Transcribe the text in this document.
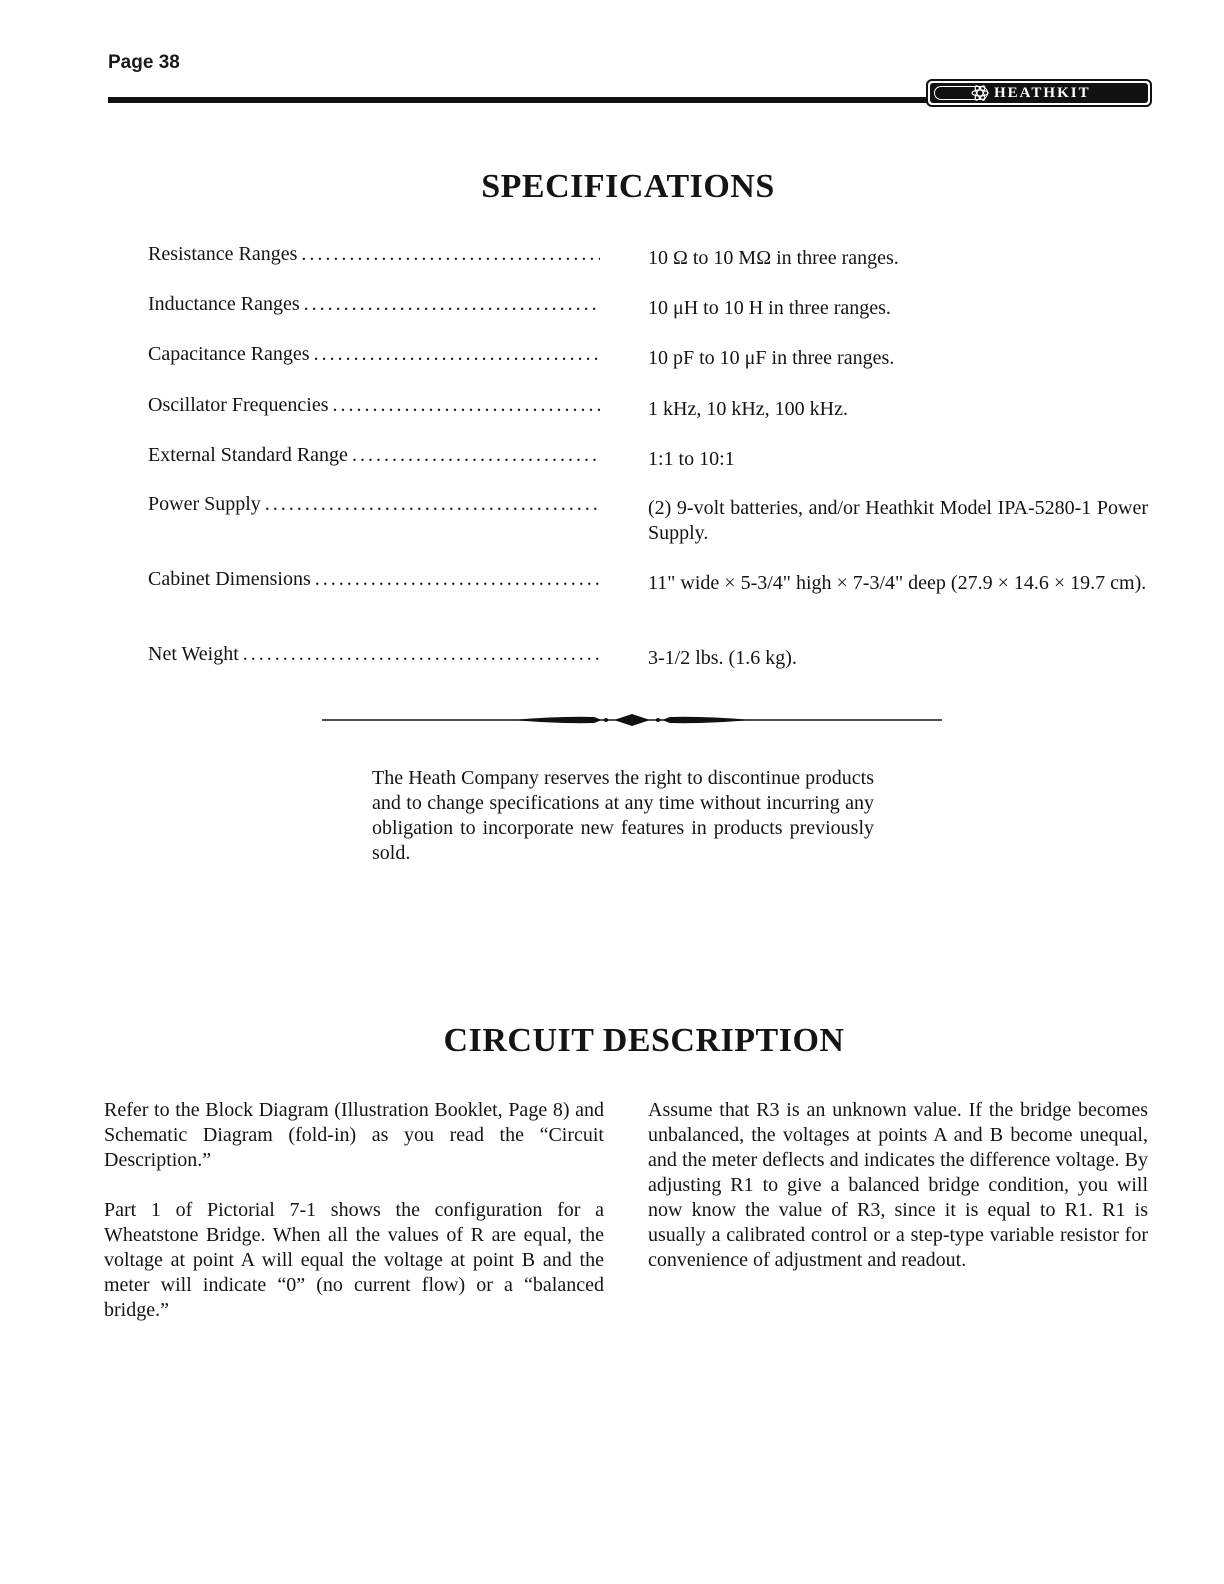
Page 38
HEATHKIT
SPECIFICATIONS
Resistance Ranges . . .	10 Ω to 10 MΩ in three ranges.
Inductance Ranges . . .	10 μH to 10 H in three ranges.
Capacitance Ranges . . .	10 pF to 10 μF in three ranges.
Oscillator Frequencies . . .	1 kHz, 10 kHz, 100 kHz.
External Standard Range . . .	1:1 to 10:1
Power Supply . . .	(2) 9-volt batteries, and/or Heathkit Model IPA-5280-1 Power Supply.
Cabinet Dimensions . . .	11" wide × 5-3/4" high × 7-3/4" deep (27.9 × 14.6 × 19.7 cm).
Net Weight . . .	3-1/2 lbs. (1.6 kg).
The Heath Company reserves the right to discontinue products and to change specifications at any time without incurring any obligation to incorporate new features in products previously sold.
CIRCUIT DESCRIPTION

Refer to the Block Diagram (Illustration Booklet, Page 8) and Schematic Diagram (fold-in) as you read the “Circuit Description.”

Part 1 of Pictorial 7-1 shows the configuration for a Wheatstone Bridge. When all the values of R are equal, the voltage at point A will equal the voltage at point B and the meter will indicate “0” (no current flow) or a “balanced bridge.”

Assume that R3 is an unknown value. If the bridge becomes unbalanced, the voltages at points A and B become unequal, and the meter deflects and indicates the difference voltage. By adjusting R1 to give a balanced bridge condition, you will now know the value of R3, since it is equal to R1. R1 is usually a calibrated control or a step-type variable resistor for convenience of adjustment and readout.
